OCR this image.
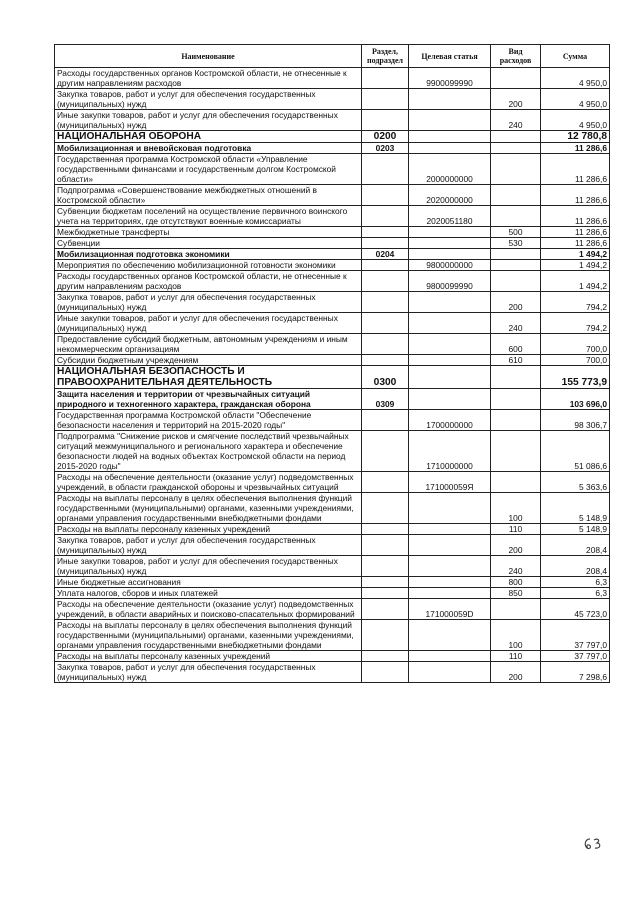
Наименование	Раздел, подраздел	Целевая статья	Вид расходов	Сумма
Расходы государственных органов Костромской области, не отнесенные к другим направлениям расходов		9900099990		4 950,0
Закупка товаров, работ и услуг для обеспечения государственных (муниципальных) нужд			200	4 950,0
Иные закупки товаров, работ и услуг для обеспечения государственных (муниципальных) нужд			240	4 950,0
НАЦИОНАЛЬНАЯ ОБОРОНА	0200			12 780,8
Мобилизационная и вневойсковая подготовка	0203			11 286,6
Государственная программа Костромской области «Управление государственными финансами и государственным долгом Костромской области»		2000000000		11 286,6
Подпрограмма «Совершенствование межбюджетных отношений в Костромской области»		2020000000		11 286,6
Субвенции бюджетам поселений на осуществление первичного воинского учета на территориях, где отсутствуют военные комиссариаты		2020051180		11 286,6
Межбюджетные трансферты			500	11 286,6
Субвенции			530	11 286,6
Мобилизационная подготовка экономики	0204			1 494,2
Мероприятия по обеспечению мобилизационной готовности экономики		9800000000		1 494,2
Расходы государственных органов Костромской области, не отнесенные к другим направлениям расходов		9800099990		1 494,2
Закупка товаров, работ и услуг для обеспечения государственных (муниципальных) нужд			200	794,2
Иные закупки товаров, работ и услуг для обеспечения государственных (муниципальных) нужд			240	794,2
Предоставление субсидий бюджетным, автономным учреждениям и иным некоммерческим организациям			600	700,0
Субсидии бюджетным учреждениям			610	700,0
НАЦИОНАЛЬНАЯ БЕЗОПАСНОСТЬ И ПРАВООХРАНИТЕЛЬНАЯ ДЕЯТЕЛЬНОСТЬ	0300			155 773,9
Защита населения и территории от чрезвычайных ситуаций природного и техногенного характера, гражданская оборона	0309			103 696,0
Государственная программа Костромской области "Обеспечение безопасности населения и территорий на 2015-2020 годы"		1700000000		98 306,7
Подпрограмма "Снижение рисков и смягчение последствий чрезвычайных ситуаций межмуниципального и регионального характера и обеспечение безопасности людей на водных объектах Костромской области на период 2015-2020 годы"		1710000000		51 086,6
Расходы на обеспечение деятельности (оказание услуг) подведомственных учреждений, в области гражданской обороны и чрезвычайных ситуаций		171000059Я		5 363,6
Расходы на выплаты персоналу в целях обеспечения выполнения функций государственными (муниципальными) органами, казенными учреждениями, органами управления государственными внебюджетными фондами			100	5 148,9
Расходы на выплаты персоналу казенных учреждений			110	5 148,9
Закупка товаров, работ и услуг для обеспечения государственных (муниципальных) нужд			200	208,4
Иные закупки товаров, работ и услуг для обеспечения государственных (муниципальных) нужд			240	208,4
Иные бюджетные ассигнования			800	6,3
Уплата налогов, сборов и иных платежей			850	6,3
Расходы на обеспечение деятельности (оказание услуг) подведомственных учреждений, в области аварийных и поисково-спасательных формирований		171000059D		45 723,0
Расходы на выплаты персоналу в целях обеспечения выполнения функций государственными (муниципальными) органами, казенными учреждениями, органами управления государственными внебюджетными фондами			100	37 797,0
Расходы на выплаты персоналу казенных учреждений			110	37 797,0
Закупка товаров, работ и услуг для обеспечения государственных (муниципальных) нужд			200	7 298,6
